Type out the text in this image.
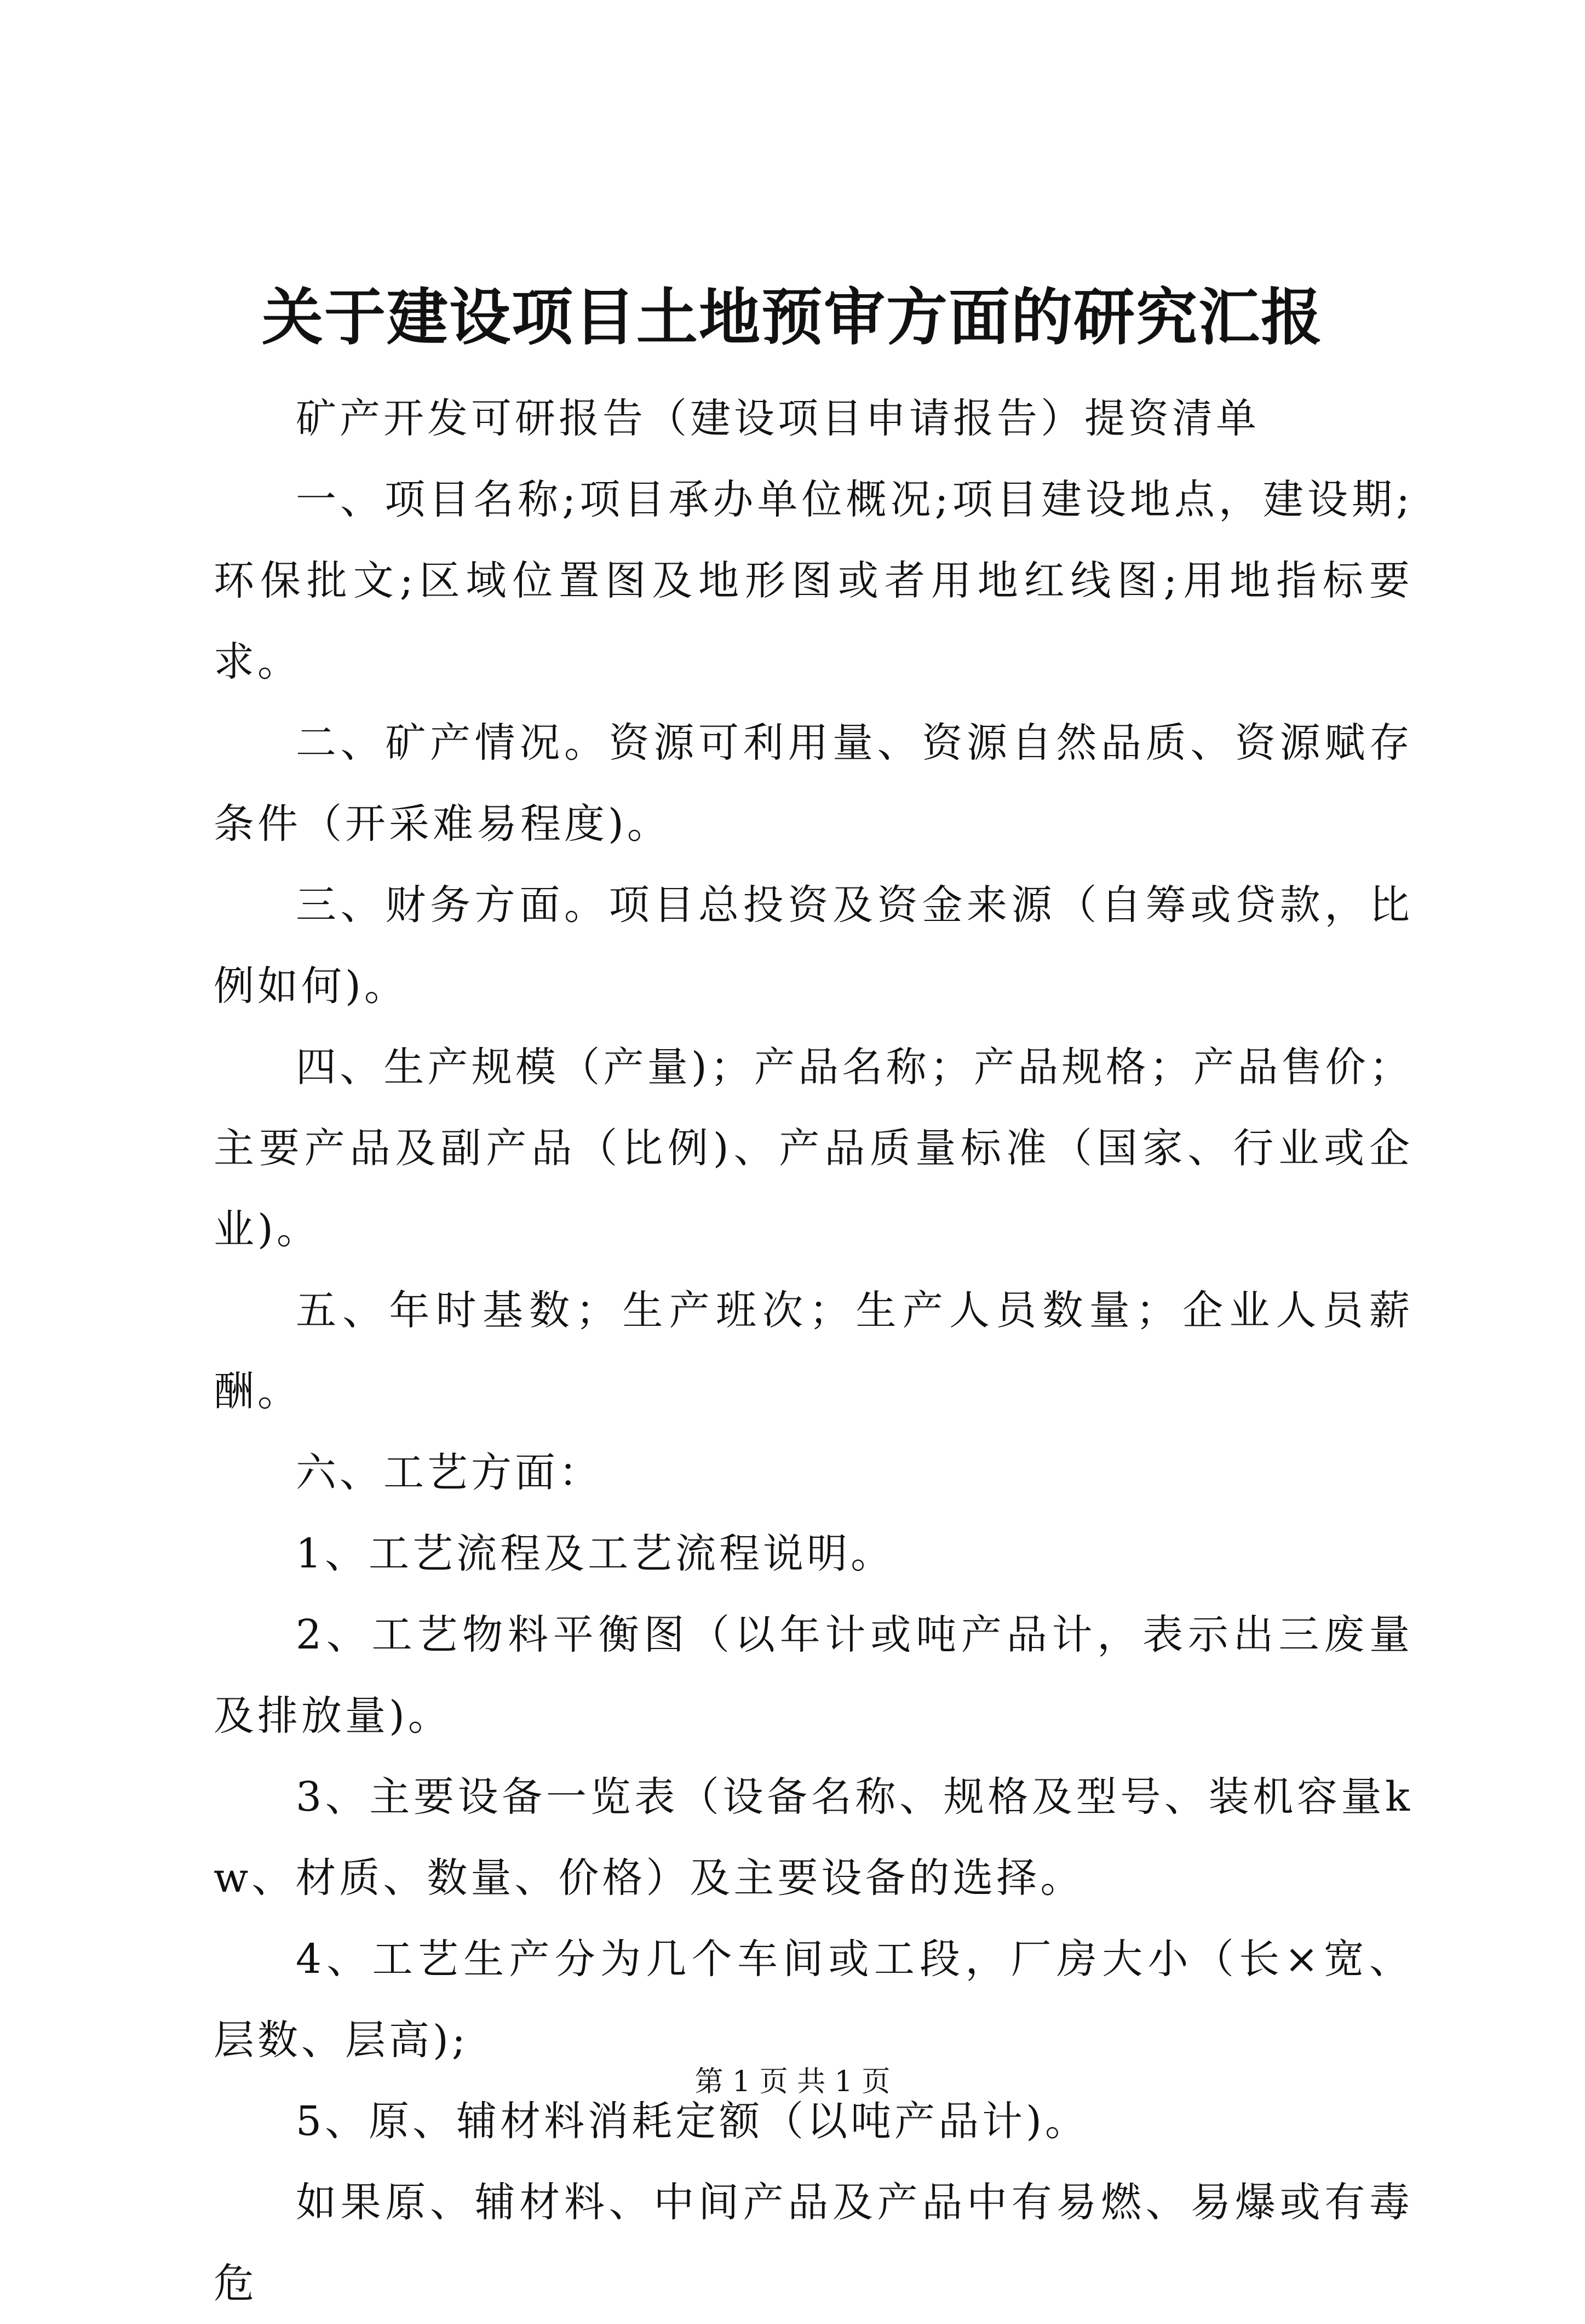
关于建设项目土地预审方面的研究汇报

矿产开发可研报告（建设项目申请报告）提资清单

一、项目名称;项目承办单位概况;项目建设地点，建设期;环保批文;区域位置图及地形图或者用地红线图;用地指标要求。

二、矿产情况。资源可利用量、资源自然品质、资源赋存条件（开采难易程度)。

三、财务方面。项目总投资及资金来源（自筹或贷款，比例如何)。

四、生产规模（产量)；产品名称；产品规格；产品售价；主要产品及副产品（比例)、产品质量标准（国家、行业或企业)。

五、年时基数；生产班次；生产人员数量；企业人员薪酬。

六、工艺方面：

1、工艺流程及工艺流程说明。

2、工艺物料平衡图（以年计或吨产品计，表示出三废量及排放量)。

3、主要设备一览表（设备名称、规格及型号、装机容量kw、材质、数量、价格）及主要设备的选择。

4、工艺生产分为几个车间或工段，厂房大小（长×宽、层数、层高);

5、原、辅材料消耗定额（以吨产品计)。

如果原、辅材料、中间产品及产品中有易燃、易爆或有毒危

第 1 页 共 1 页
